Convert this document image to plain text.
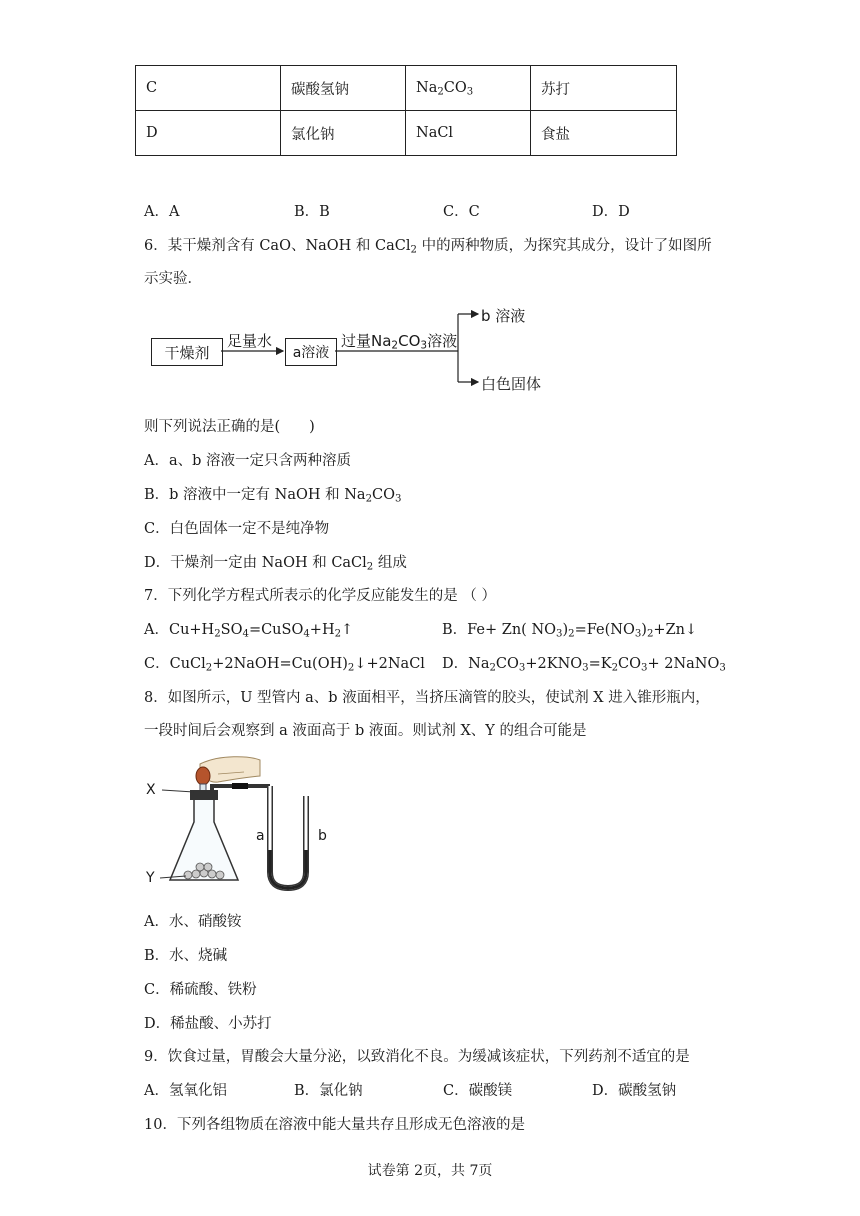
C	碳酸氢钠	$Na_2CO_3$	苏打
D	氯化钠	NaCl	食盐
A．A	B．B	C．C	D．D
6．某干燥剂含有 CaO、NaOH 和 CaCl$_2$ 中的两种物质，为探究其成分，设计了如图所
示实验．
干燥剂	a溶液
足量水	过量$Na_2CO_3$溶液
b 溶液
白色固体
则下列说法正确的是(　　)
A．a、b 溶液一定只含两种溶质
B．b 溶液中一定有 NaOH 和 $Na_2CO_3$
C．白色固体一定不是纯净物
D．干燥剂一定由 NaOH 和 CaCl$_2$ 组成
7．下列化学方程式所表示的化学反应能发生的是 （ ）
A．$Cu+H_2SO_4=CuSO_4+H_2↑$	B．Fe+ Zn( $NO_3)_2=Fe(NO_3)_2+Zn↓$
C．$CuCl_2+2NaOH=Cu(OH)_2↓+2NaCl$ D．$Na_2CO_3+2KNO_3=K_2CO_3+$ 2NaNO$_3$
8．如图所示，U 型管内 a、b 液面相平，当挤压滴管的胶头，使试剂 X 进入锥形瓶内，
一段时间后会观察到 a 液面高于 b 液面。则试剂 X、Y 的组合可能是
X
Y
a	b
A．水、硝酸铵
B．水、烧碱
C．稀硫酸、铁粉
D．稀盐酸、小苏打
9．饮食过量，胃酸会大量分泌，以致消化不良。为缓减该症状，下列药剂不适宜的是
A．氢氧化铝	B．氯化钠	C．碳酸镁	D．碳酸氢钠
10．下列各组物质在溶液中能大量共存且形成无色溶液的是
试卷第 2页，共 7页
